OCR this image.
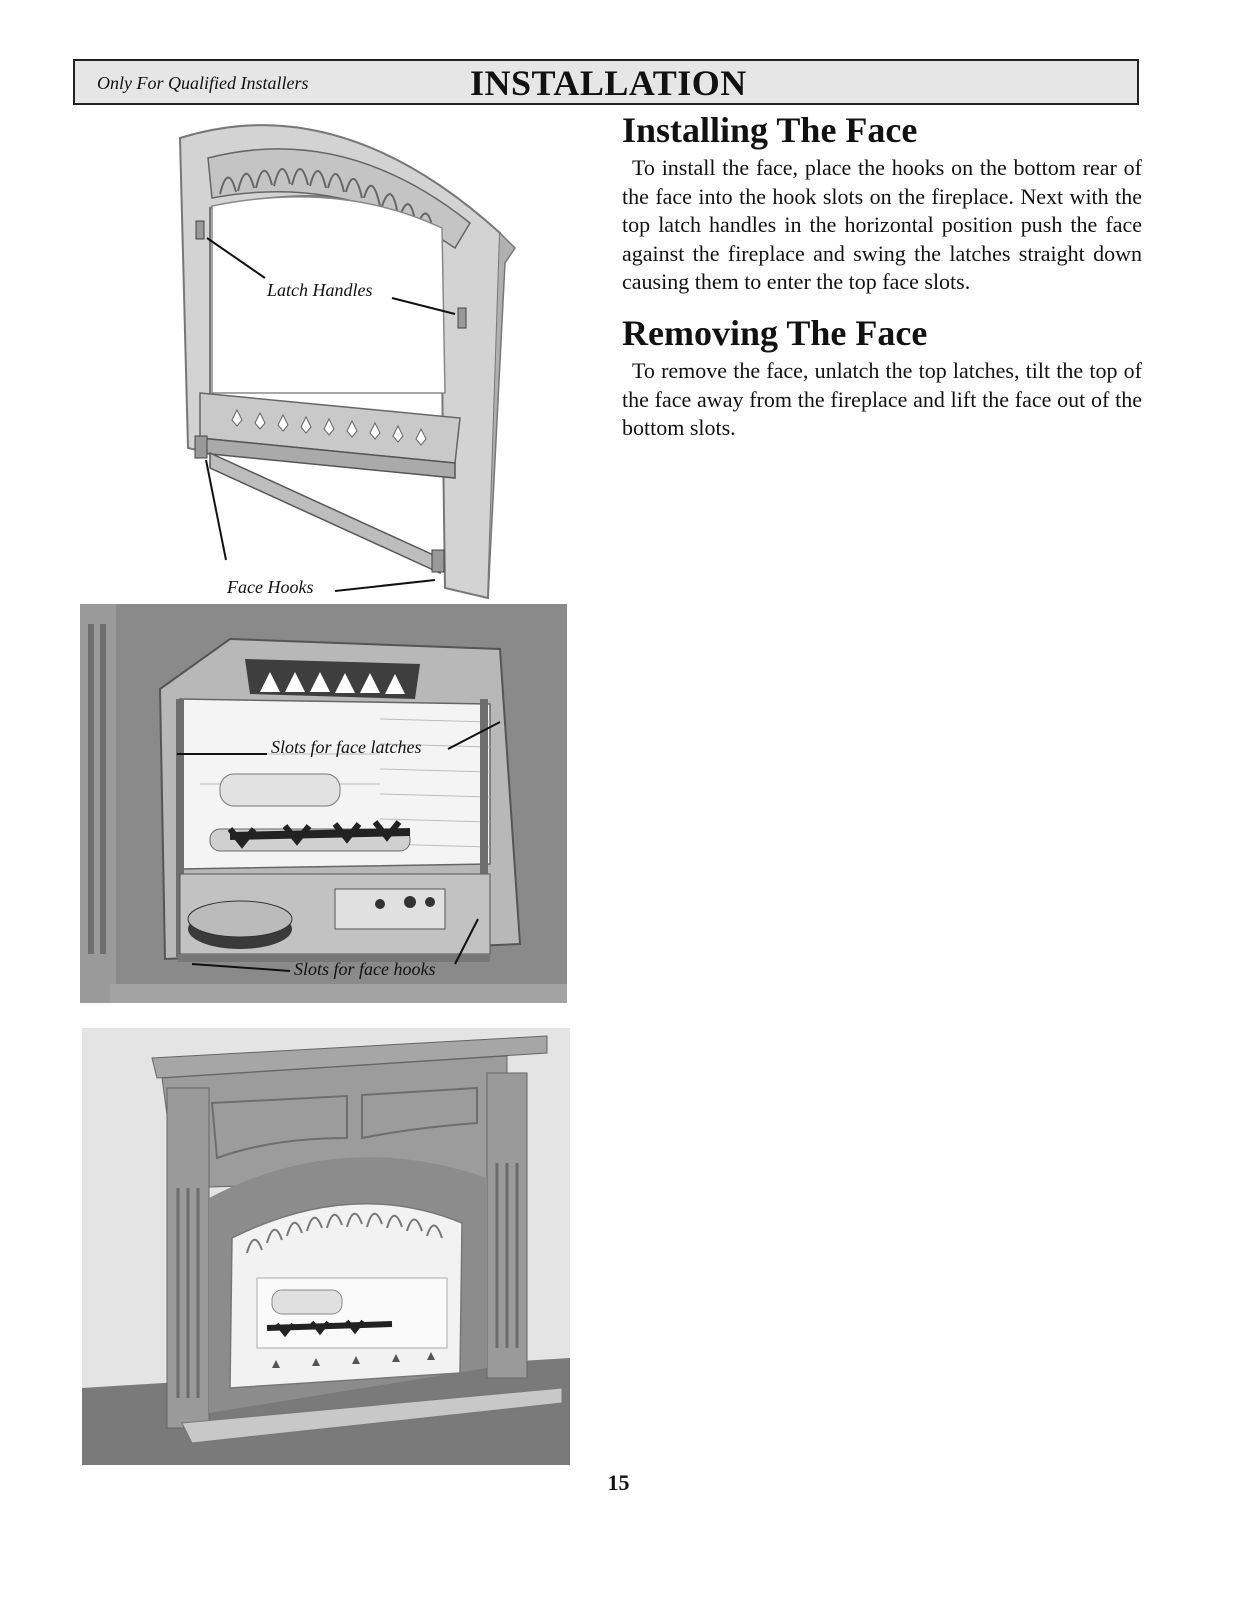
Only For Qualified Installers	INSTALLATION
Installing The Face

To install the face, place the hooks on the bottom rear of the face into the hook slots on the fireplace. Next with the top latch handles in the horizontal position push the face against the fireplace and swing the latches straight down causing them to enter the top face slots.

Removing The Face

To remove the face, unlatch the top latches, tilt the top of the face away from the fireplace and lift the face out of the bottom slots.

Latch Handles
Face Hooks
Slots for face latches
Slots for face hooks
15
